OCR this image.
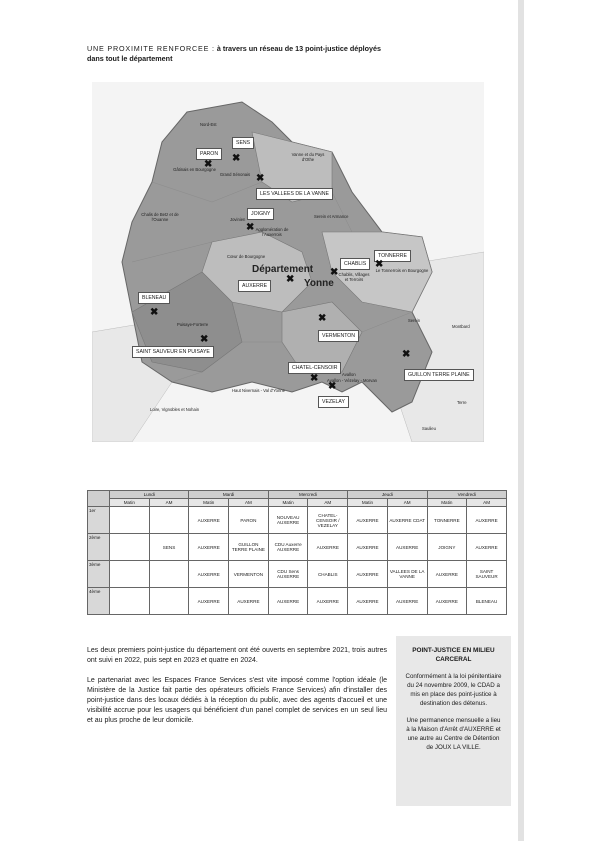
UNE PROXIMITE RENFORCEE : à travers un réseau de 13 point-justice déployés dans tout le département
Département
Yonne
Nord-Est
Gâtinais en Bourgogne
Grand Sénonais
Vanne et du Pays d'Othe
Jovinien
Agglomération de l'Auxerrois
Cœur de Bourgogne
Chablis, Villages et Terroirs
Le Tonnerrois en Bourgogne
Chalis de Betz et de l'Ouanne
Puisaye-Forterre
Avallon
Serein
Haut Nivernais - Val d'Yonne
Loire, Vignobles et Nohain
Avallon - Vézelay - Morvan
Serein et Armance
Montbard
Saulieu
Terre
SENS
PARON
LES VALLEES DE LA VANNE
JOIGNY
TONNERRE
CHABLIS
AUXERRE
BLENEAU
VERMENTON
SAINT SAUVEUR EN PUISAYE
CHATEL-CENSOIR
GUILLON TERRE PLAINE
VEZELAY
✖
✖
✖
✖
✖
✖
✖
✖
✖
✖
✖
✖
✖
	Lundi		Mardi		Mercredi		Jeudi		Vendredi	
	Matin	AM	Matin	AM	Matin	AM	Matin	AM	Matin	AM
1er			AUXERRE	PARON	NOUVEAU AUXERRE	CHATEL-CENSOIR / VEZELAY	AUXERRE	AUXERRE CDAT	TONNERRE	AUXERRE
2ème		SENS	AUXERRE	GUILLON TERRE PLAINE	CDU Auxerre AUXERRE	AUXERRE	AUXERRE	AUXERRE	JOIGNY	AUXERRE
3ème			AUXERRE	VERMENTON	CDU Sens AUXERRE	CHABLIS	AUXERRE	VALLEES DE LA VANNE	AUXERRE	SAINT SAUVEUR
4ème			AUXERRE	AUXERRE	AUXERRE	AUXERRE	AUXERRE	AUXERRE	AUXERRE	BLENEAU

Les deux premiers point-justice du département ont été ouverts en septembre 2021, trois autres ont suivi en 2022, puis sept en 2023 et quatre en 2024.

Le partenariat avec les Espaces France Services s'est vite imposé comme l'option idéale (le Ministère de la Justice fait partie des opérateurs officiels France Services) afin d'installer des point-justice dans des locaux dédiés à la réception du public, avec des agents d'accueil et une visibilité accrue pour les usagers qui bénéficient d'un panel complet de services en un seul lieu et au plus proche de leur domicile.

POINT-JUSTICE EN MILIEU CARCERAL

Conformément à la loi pénitentiaire du 24 novembre 2009, le CDAD a mis en place des point-justice à destination des détenus.

Une permanence mensuelle a lieu à la Maison d'Arrêt d'AUXERRE et une autre au Centre de Détention de JOUX LA VILLE.
